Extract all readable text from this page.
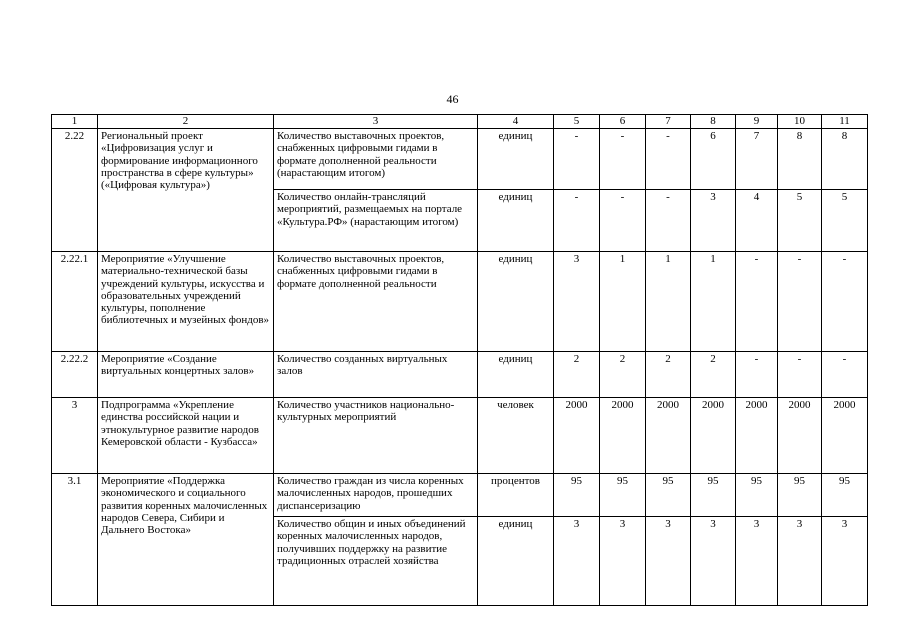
46
1	2	3	4	5	6	7	8	9	10	11
2.22	Региональный проект «Цифровизация услуг и формирование информационного пространства в сфере культуры» («Цифровая культура»)	Количество выставочных проектов, снабженных цифровыми гидами в формате дополненной реальности (нарастающим итогом)	единиц	-	-	-	6	7	8	8
		Количество онлайн-трансляций мероприятий, размещаемых на портале «Культура.РФ» (нарастающим итогом)	единиц	-	-	-	3	4	5	5
2.22.1	Мероприятие «Улучшение материально-технической базы учреждений культуры, искусства и образовательных учреждений культуры, пополнение библиотечных и музейных фондов»	Количество выставочных проектов, снабженных цифровыми гидами в формате дополненной реальности	единиц	3	1	1	1	-	-	-
2.22.2	Мероприятие «Создание виртуальных концертных залов»	Количество созданных виртуальных залов	единиц	2	2	2	2	-	-	-
3	Подпрограмма «Укрепление единства российской нации и этнокультурное развитие народов Кемеровской области - Кузбасса»	Количество участников национально-культурных мероприятий	человек	2000	2000	2000	2000	2000	2000	2000
3.1	Мероприятие «Поддержка экономического и социального развития коренных малочисленных народов Севера, Сибири и Дальнего Востока»	Количество граждан из числа коренных малочисленных народов, прошедших диспансеризацию	процентов	95	95	95	95	95	95	95
		Количество общин и иных объединений коренных малочисленных народов, получивших поддержку на развитие традиционных отраслей хозяйства	единиц	3	3	3	3	3	3	3
